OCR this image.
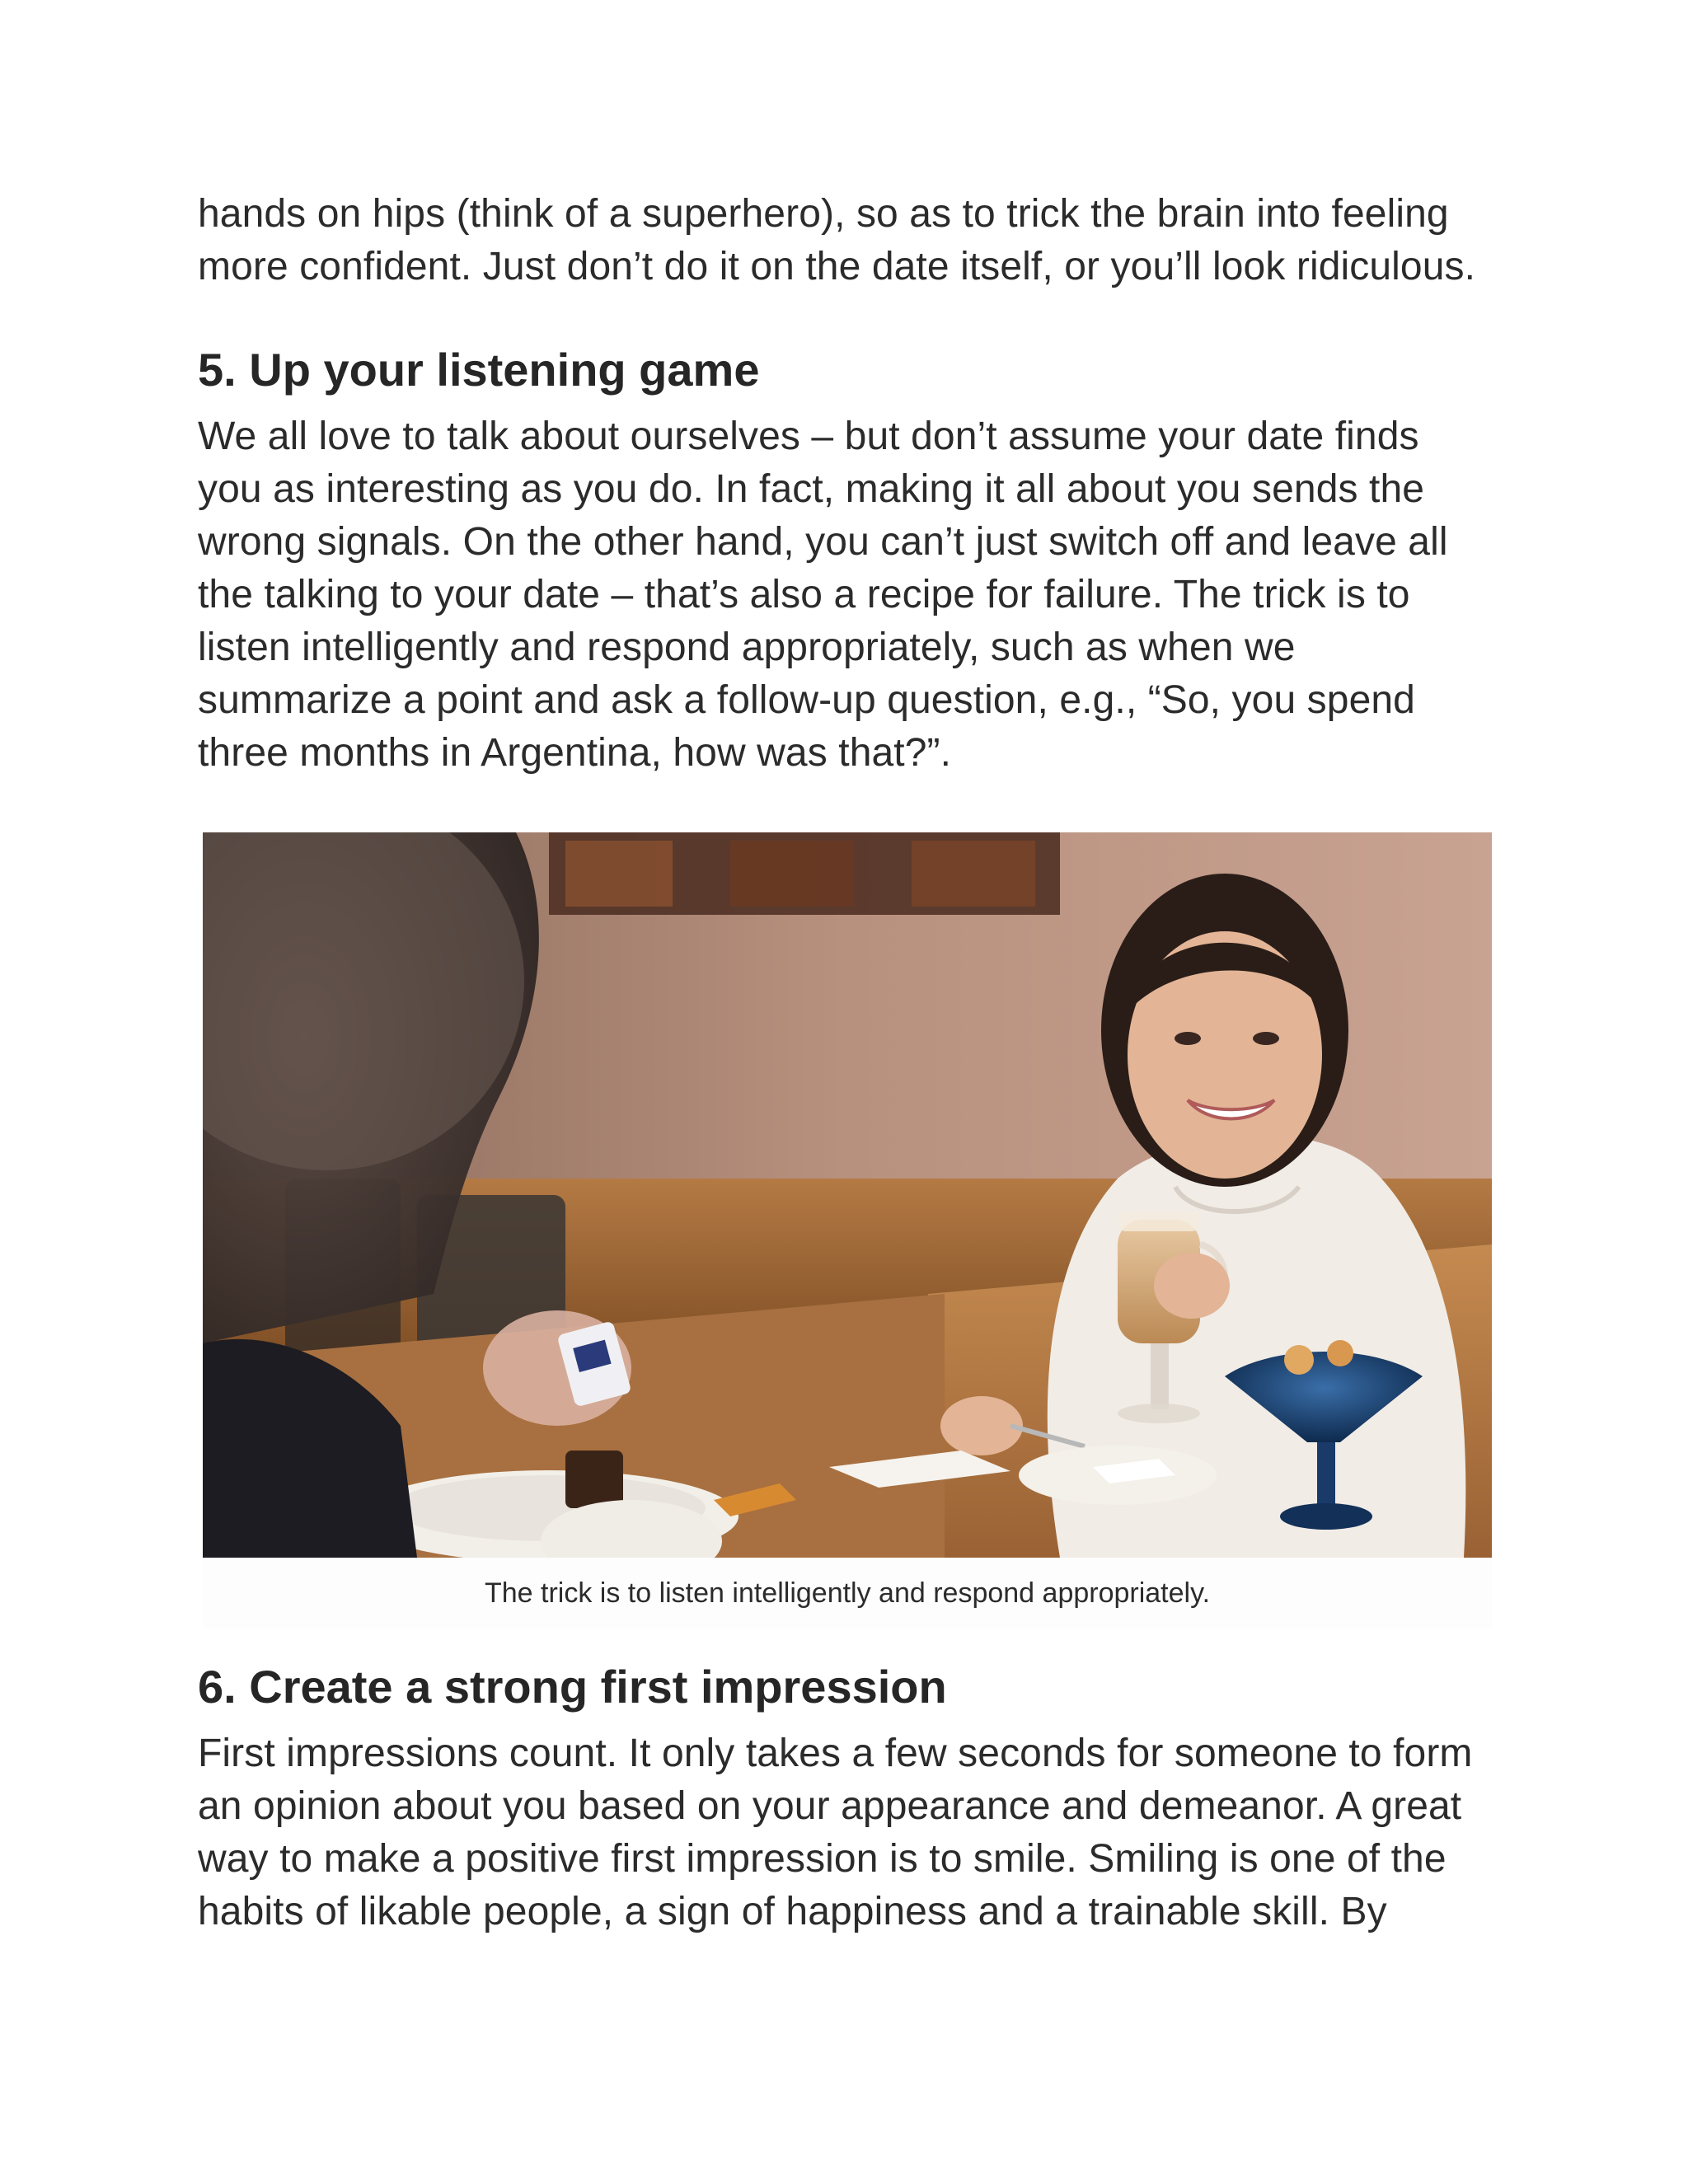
hands on hips (think of a superhero), so as to trick the brain into feeling
more confident. Just don’t do it on the date itself, or you’ll look ridiculous.

5. Up your listening game

We all love to talk about ourselves – but don’t assume your date finds
you as interesting as you do. In fact, making it all about you sends the
wrong signals. On the other hand, you can’t just switch off and leave all
the talking to your date – that’s also a recipe for failure. The trick is to
listen intelligently and respond appropriately, such as when we
summarize a point and ask a follow-up question, e.g., “So, you spend
three months in Argentina, how was that?”.

The trick is to listen intelligently and respond appropriately.
6. Create a strong first impression

First impressions count. It only takes a few seconds for someone to form
an opinion about you based on your appearance and demeanor. A great
way to make a positive first impression is to smile. Smiling is one of the
habits of likable people, a sign of happiness and a trainable skill. By
